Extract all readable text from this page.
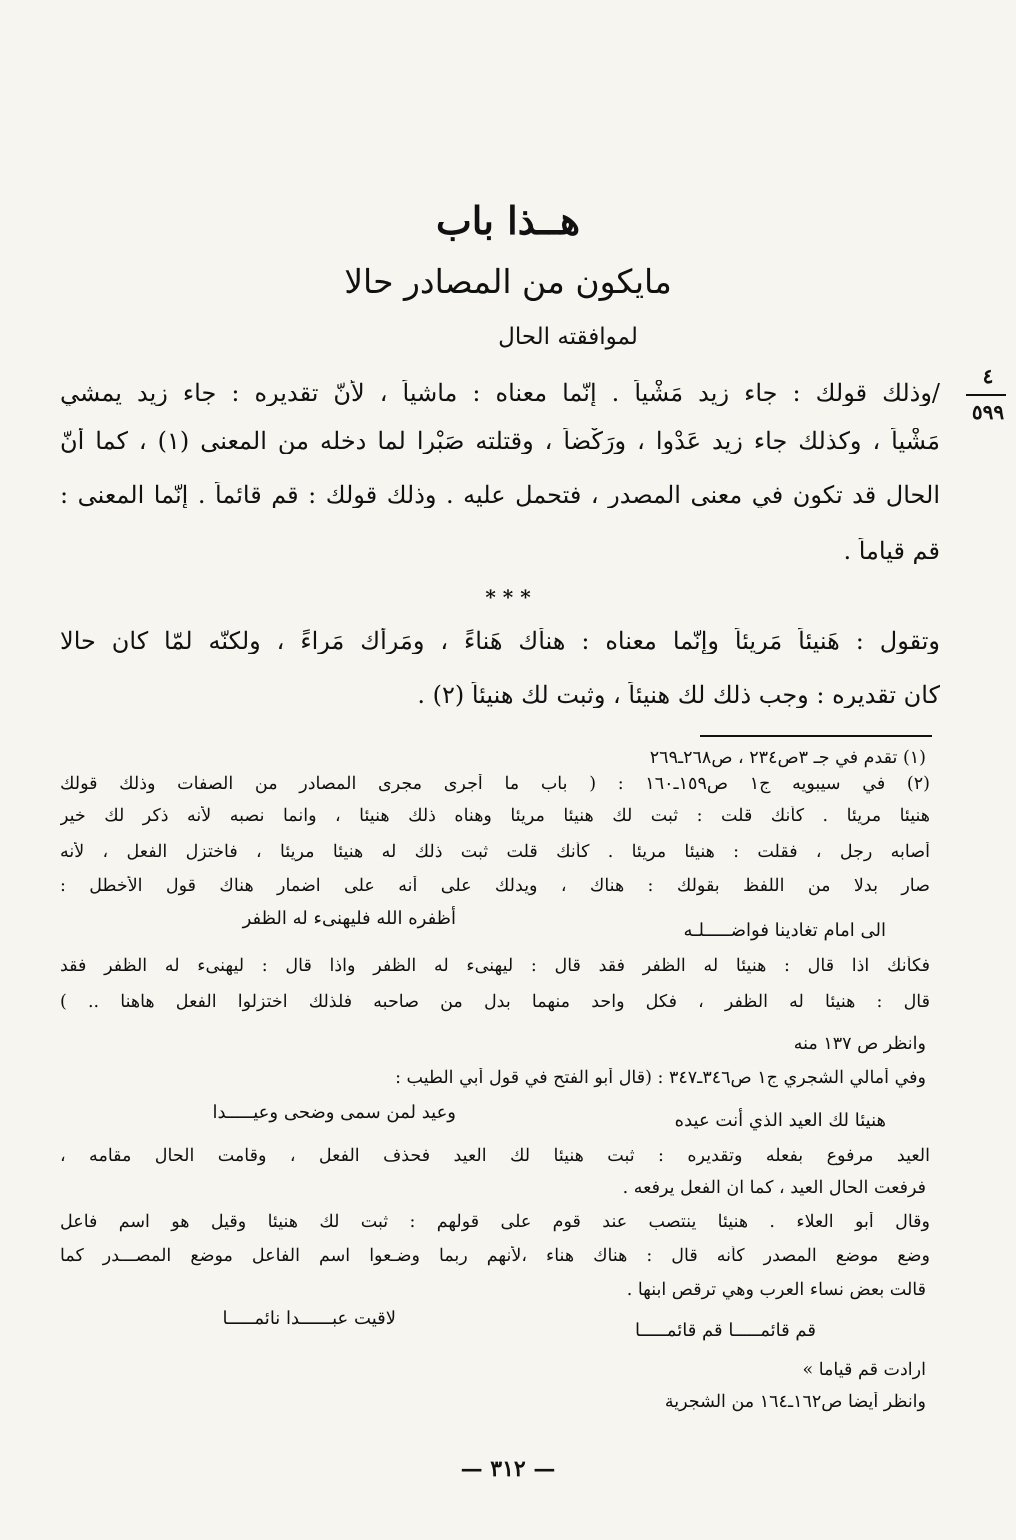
هــذا باب
مايكون من المصادر حالا
لموافقته الحال
٤
٥٩٩
/وذلك قولك : جاء زيد مَشْياً . إنّما معناه : ماشياً ، لأنّ تقديره : جاء زيد يمشي
مَشْياً ، وكذلك جاء زيد عَدْوا ، ورَكْضاً ، وقتلته صَبْرا لما دخله من المعنى (١) ، كما أنّ
الحال قد تكون في معنى المصدر ، فتحمل عليه . وذلك قولك : قم قائماً . إنّما المعنى :
قم قياماً .
* * *
وتقول : هَنيئاً مَريئاً وإنّما معناه : هنأَك هَناءً ، ومَرأَك مَراءً ، ولكنّه لمّا كان حالا
كان تقديره : وجب ذلك لك هنيئاً ، وثبت لك هنيئاً (٢) .
(١) تقدم في جـ ٣ص٢٣٤ ، ص٢٦٨ـ٢٦٩
(٢) في سيبويه ج١ ص١٥٩ـ١٦٠ : ( باب ما أجرى مجرى المصادر من الصفات وذلك قولك
هنيئا مريئا . كأنك قلت : ثبت لك هنيئا مريئا وهناه ذلك هنيئا ، وانما نصبه لأنه ذكر لك خير
أصابه رجل ، فقلت : هنيئا مريئا . كأنك قلت ثبت ذلك له هنيئا مريئا ، فاختزل الفعل ، لأنه
صار بدلا من اللفظ بقولك : هناك ، ويدلك على أنه على اضمار هناك قول الأخطل :
الى امام تغادينا فواضـــــلـه
أظفره الله فليهنىء له الظفر
فكأنك اذا قال : هنيئا له الظفر فقد قال : ليهنىء له الظفر واذا قال : ليهنىء له الظفر فقد
قال : هنيئا له الظفر ، فكل واحد منهما بدل من صاحبه فلذلك اختزلوا الفعل هاهنا .. )
وانظر ص ١٣٧ منه
وفي أمالي الشجري ج١ ص٣٤٦ـ٣٤٧ : (قال أبو الفتح في قول أبي الطيب :
هنيئا لك العيد الذي أنت عيده
وعيد لمن سمى وضحى وعيـــــدا
العيد مرفوع بفعله وتقديره : ثبت هنيئا لك العيد فحذف الفعل ، وقامت الحال مقامه ،
فرفعت الحال العيد ، كما ان الفعل يرفعه .
وقال أبو العلاء . هنيئا ينتصب عند قوم على قولهم : ثبت لك هنيئا وقيل هو اسم فاعل
وضع موضع المصدر كأنه قال : هناك هناء ،لأنهم ربما وضـعوا اسم الفاعل موضع المصـــدر كما
قالت بعض نساء العرب وهي ترقص ابنها .
قم قائمـــــا قم قائمـــــا
لاقيت عبــــــدا نائمـــــا
ارادت قم قياما »
وانظر أيضا ص١٦٢ـ١٦٤ من الشجرية
— ٣١٢ —
